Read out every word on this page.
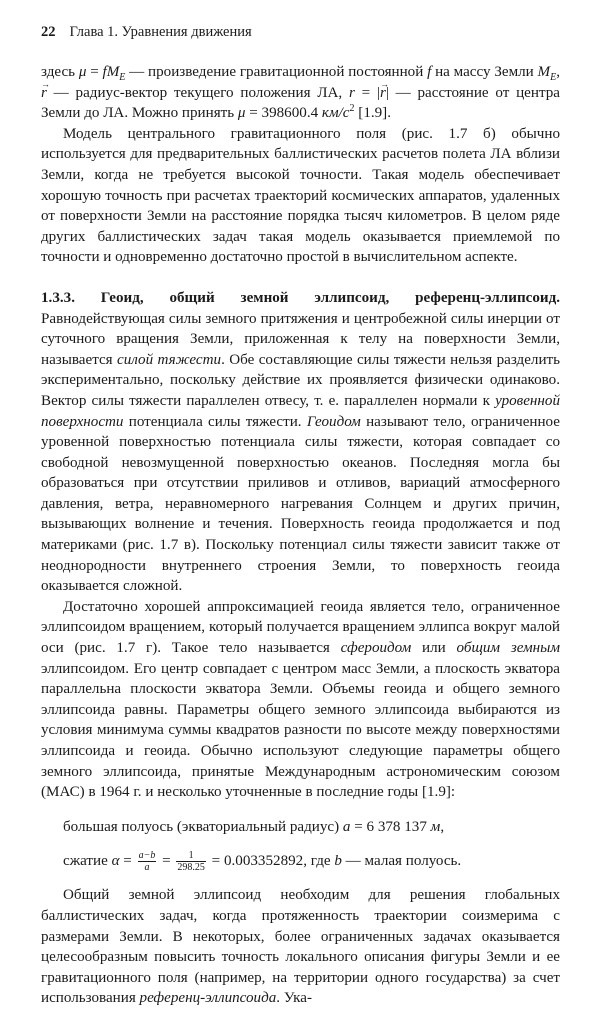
22 Глава 1. Уравнения движения

здесь $\mu = fM_E$ — произведение гравитационной постоянной f на массу Земли $M_E$, → r — радиус-вектор текущего положения ЛА, r = |→ r| — расстояние от центра Земли до ЛА. Можно принять μ = 398600.4 $км/с^2$ [1.9].

Модель центрального гравитационного поля (рис. 1.7 б) обычно используется для предварительных баллистических расчетов полета ЛА вблизи Земли, когда не требуется высокой точности. Такая модель обеспечивает хорошую точность при расчетах траекторий космических аппаратов, удаленных от поверхности Земли на расстояние порядка тысяч километров. В целом ряде других баллистических задач такая модель оказывается приемлемой по точности и одновременно достаточно простой в вычислительном аспекте.

1.3.3. Геоид, общий земной эллипсоид, референц-эллипсоид. Равнодействующая силы земного притяжения и центробежной силы инерции от суточного вращения Земли, приложенная к телу на поверхности Земли, называется силой тяжести. Обе составляющие силы тяжести нельзя разделить экспериментально, поскольку действие их проявляется физически одинаково. Вектор силы тяжести параллелен отвесу, т. е. параллелен нормали к уровенной поверхности потенциала силы тяжести. Геоидом называют тело, ограниченное уровенной поверхностью потенциала силы тяжести, которая совпадает со свободной невозмущенной поверхностью океанов. Последняя могла бы образоваться при отсутствии приливов и отливов, вариаций атмосферного давления, ветра, неравномерного нагревания Солнцем и других причин, вызывающих волнение и течения. Поверхность геоида продолжается и под материками (рис. 1.7 в). Поскольку потенциал силы тяжести зависит также от неоднородности внутреннего строения Земли, то поверхность геоида оказывается сложной.

Достаточно хорошей аппроксимацией геоида является тело, ограниченное эллипсоидом вращением, который получается вращением эллипса вокруг малой оси (рис. 1.7 г). Такое тело называется сфероидом или общим земным эллипсоидом. Его центр совпадает с центром масс Земли, а плоскость экватора параллельна плоскости экватора Земли. Объемы геоида и общего земного эллипсоида равны. Параметры общего земного эллипсоида выбираются из условия минимума суммы квадратов разности по высоте между поверхностями эллипсоида и геоида. Обычно используют следующие параметры общего земного эллипсоида, принятые Международным астрономическим союзом (МАС) в 1964 г. и несколько уточненные в последние годы [1.9]:

большая полуось (экваториальный радиус) a = 6 378 137 м,

сжатие $\alpha = \frac{a-b}{a} = \frac{1}{298.25} = 0.003352892$, где b — малая полуось.

Общий земной эллипсоид необходим для решения глобальных баллистических задач, когда протяженность траектории соизмерима с размерами Земли. В некоторых, более ограниченных задачах оказывается целесообразным повысить точность локального описания фигуры Земли и ее гравитационного поля (например, на территории одного государства) за счет использования референц-эллипсоида. Ука-
